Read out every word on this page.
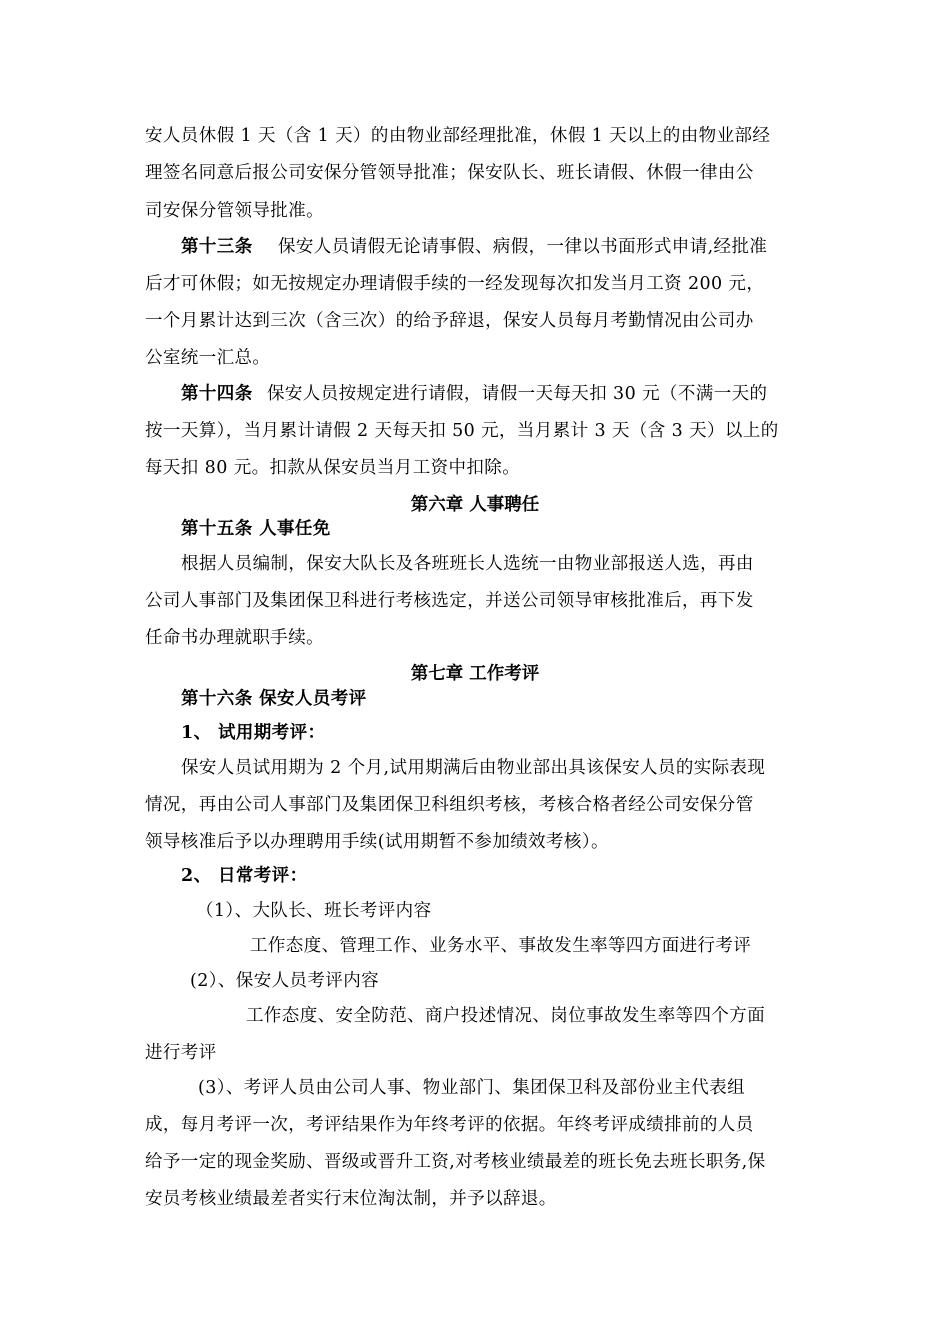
安人员休假 1 天（含 1 天）的由物业部经理批准，休假 1 天以上的由物业部经
理签名同意后报公司安保分管领导批准；保安队长、班长请假、休假一律由公
司安保分管领导批准。
第十三条 保安人员请假无论请事假、病假，一律以书面形式申请,经批准
后才可休假；如无按规定办理请假手续的一经发现每次扣发当月工资 200 元，
一个月累计达到三次（含三次）的给予辞退，保安人员每月考勤情况由公司办
公室统一汇总。
第十四条 保安人员按规定进行请假，请假一天每天扣 30 元（不满一天的
按一天算），当月累计请假 2 天每天扣 50 元，当月累计 3 天（含 3 天）以上的
每天扣 80 元。扣款从保安员当月工资中扣除。
第六章 人事聘任
第十五条 人事任免
根据人员编制，保安大队长及各班班长人选统一由物业部报送人选，再由
公司人事部门及集团保卫科进行考核选定，并送公司领导审核批准后，再下发
任命书办理就职手续。
第七章 工作考评
第十六条 保安人员考评
1、 试用期考评：
保安人员试用期为 2 个月,试用期满后由物业部出具该保安人员的实际表现
情况，再由公司人事部门及集团保卫科组织考核，考核合格者经公司安保分管
领导核准后予以办理聘用手续(试用期暂不参加绩效考核）。
2、 日常考评：
（1）、大队长、班长考评内容
工作态度、管理工作、业务水平、事故发生率等四方面进行考评
(2）、保安人员考评内容
工作态度、安全防范、商户投述情况、岗位事故发生率等四个方面
进行考评
(3）、考评人员由公司人事、物业部门、集团保卫科及部份业主代表组
成，每月考评一次，考评结果作为年终考评的依据。年终考评成绩排前的人员
给予一定的现金奖励、晋级或晋升工资,对考核业绩最差的班长免去班长职务,保
安员考核业绩最差者实行末位淘汰制，并予以辞退。
